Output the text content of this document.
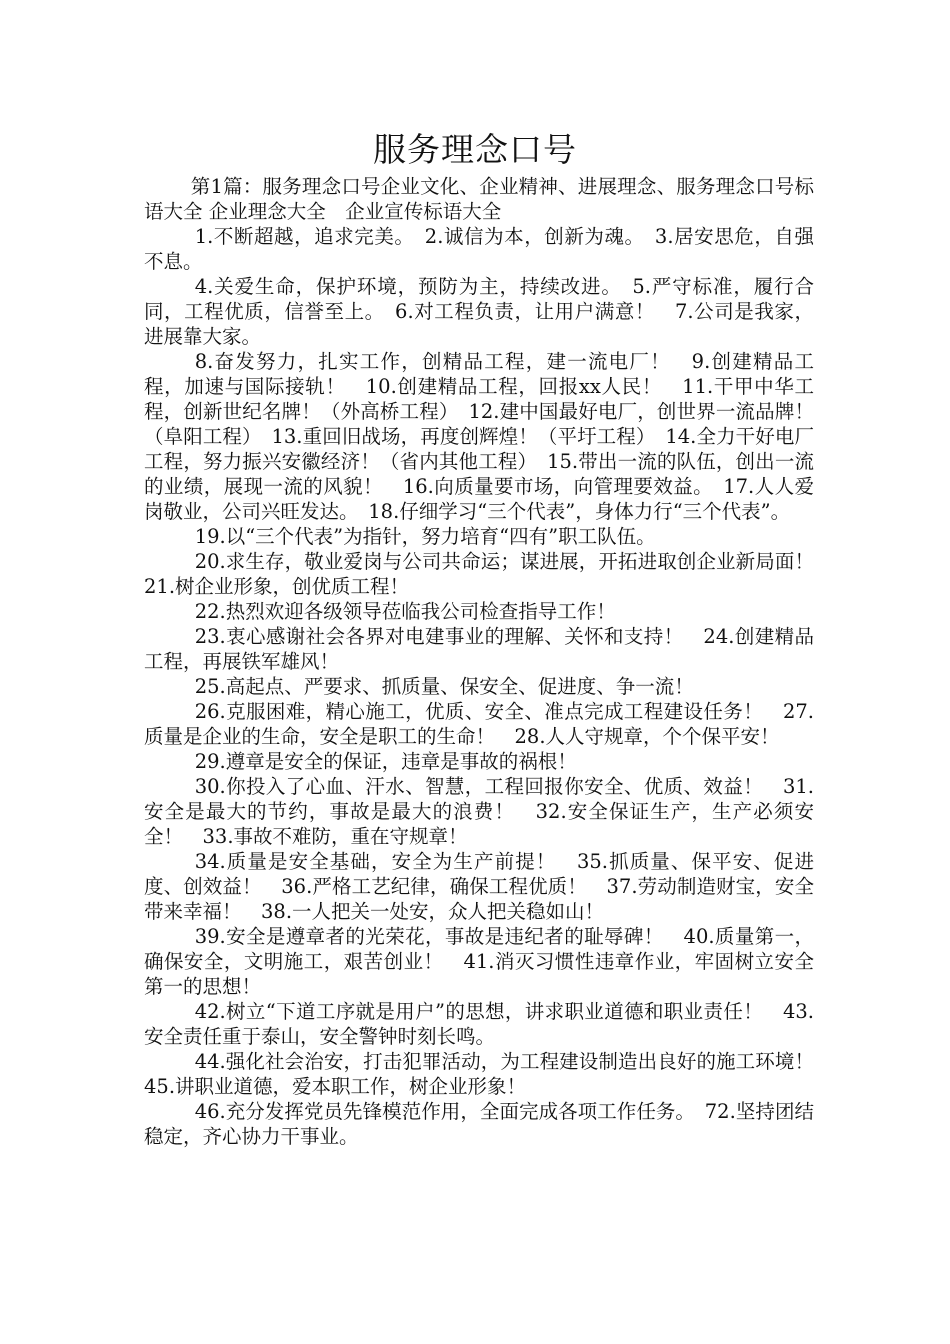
服务理念口号

第1篇：服务理念口号企业文化、企业精神、进展理念、服务理念口号标语大全 企业理念大全　企业宣传标语大全

1.不断超越，追求完美。　2.诚信为本，创新为魂。　3.居安思危，自强不息。

4.关爱生命，保护环境，预防为主，持续改进。　5.严守标准，履行合同，工程优质，信誉至上。　6.对工程负责，让用户满意！　7.公司是我家，进展靠大家。

8.奋发努力，扎实工作，创精品工程，建一流电厂！　9.创建精品工程，加速与国际接轨！　10.创建精品工程，回报xx人民！　11.干甲中华工程，创新世纪名牌！（外高桥工程）　12.建中国最好电厂，创世界一流品牌！（阜阳工程）　13.重回旧战场，再度创辉煌！（平圩工程）　14.全力干好电厂工程，努力振兴安徽经济！（省内其他工程）　15.带出一流的队伍，创出一流的业绩，展现一流的风貌！　16.向质量要市场，向管理要效益。　17.人人爱岗敬业，公司兴旺发达。　18.仔细学习“三个代表”，身体力行“三个代表”。

19.以“三个代表”为指针，努力培育“四有”职工队伍。

20.求生存，敬业爱岗与公司共命运；谋进展，开拓进取创企业新局面！　21.树企业形象，创优质工程！

22.热烈欢迎各级领导莅临我公司检查指导工作！

23.衷心感谢社会各界对电建事业的理解、关怀和支持！　24.创建精品工程，再展铁军雄风！

25.高起点、严要求、抓质量、保安全、促进度、争一流！

26.克服困难，精心施工，优质、安全、准点完成工程建设任务！　27.质量是企业的生命，安全是职工的生命！　28.人人守规章，个个保平安！

29.遵章是安全的保证，违章是事故的祸根！

30.你投入了心血、汗水、智慧，工程回报你安全、优质、效益！　31.安全是最大的节约，事故是最大的浪费！　32.安全保证生产，生产必须安全！　33.事故不难防，重在守规章！

34.质量是安全基础，安全为生产前提！　35.抓质量、保平安、促进度、创效益！　36.严格工艺纪律，确保工程优质！　37.劳动制造财宝，安全带来幸福！　38.一人把关一处安，众人把关稳如山！

39.安全是遵章者的光荣花，事故是违纪者的耻辱碑！　40.质量第一，确保安全，文明施工，艰苦创业！　41.消灭习惯性违章作业，牢固树立安全第一的思想！

42.树立“下道工序就是用户”的思想，讲求职业道德和职业责任！　43.安全责任重于泰山，安全警钟时刻长鸣。

44.强化社会治安，打击犯罪活动，为工程建设制造出良好的施工环境！　45.讲职业道德，爱本职工作，树企业形象！

46.充分发挥党员先锋模范作用，全面完成各项工作任务。　72.坚持团结稳定，齐心协力干事业。
